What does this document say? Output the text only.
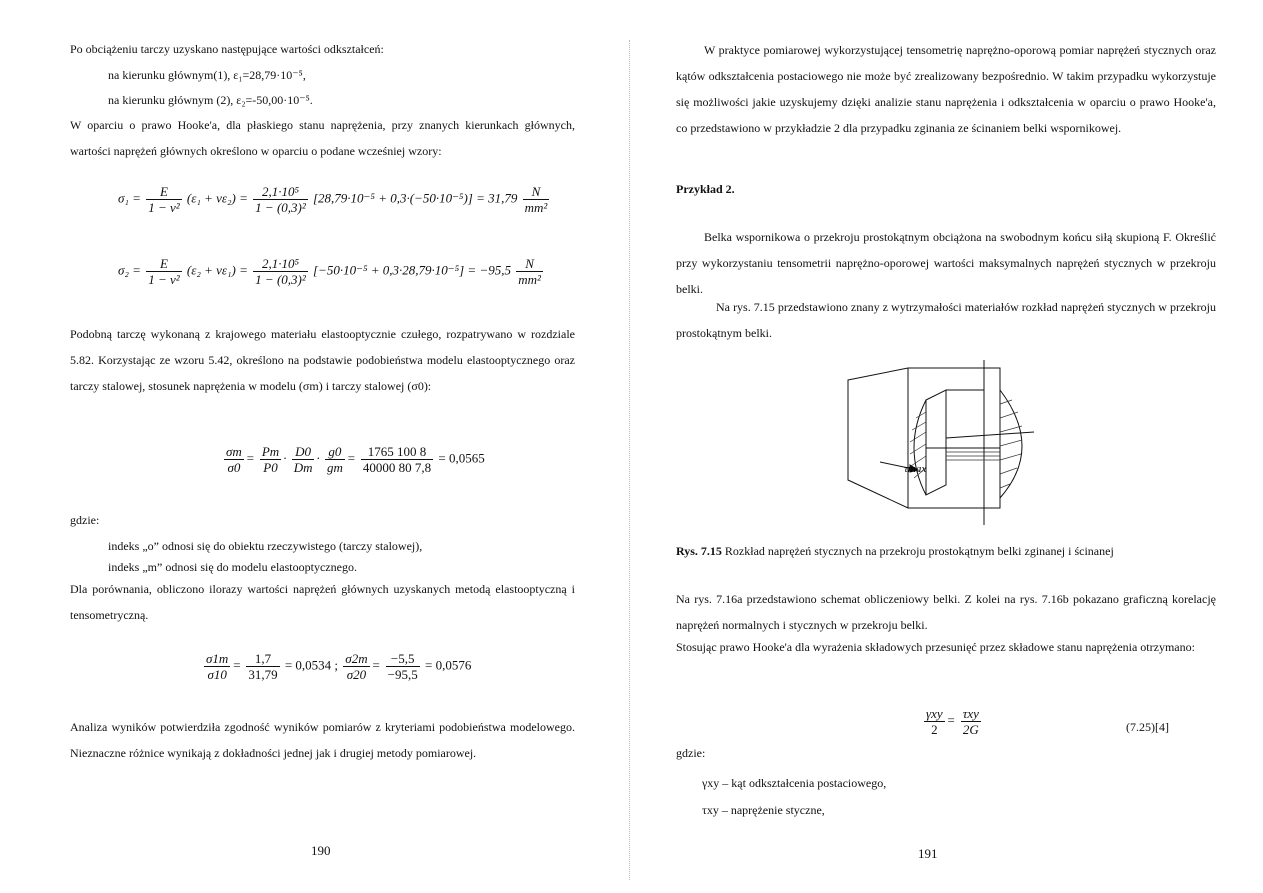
Po obciążeniu tarczy uzyskano następujące wartości odkształceń:
na kierunku głównym(1), ε₁=28,79·10⁻⁵,
na kierunku głównym (2), ε₂=-50,00·10⁻⁵.
W oparciu o prawo Hooke'a, dla płaskiego stanu naprężenia, przy znanych kierunkach głównych, wartości naprężeń głównych określono w oparciu o podane wcześniej wzory:
$\sigma_1 = \frac{E}{\text{1 − ν²}} (\varepsilon_1 + \nu\varepsilon_2) = \frac{\text{2,1·10⁵}}{\text{1 − (0,3)²}} [28,79\cdot 10^{-5} + 0,3\cdot(-50\cdot 10^{-5})] = 31,79 \frac{N}{\text{mm²}}$
$\sigma_2 = \frac{E}{\text{1 − ν²}} (\varepsilon_2 + \nu\varepsilon_1) = \frac{\text{2,1·10⁵}}{\text{1 − (0,3)²}} [-50\cdot 10^{-5} + 0,3\cdot 28,79\cdot 10^{-5}] = -95,5 \frac{N}{\text{mm²}}$
Podobną tarczę wykonaną z krajowego materiału elastooptycznie czułego, rozpatrywano w rozdziale 5.82. Korzystając ze wzoru 5.42, określono na podstawie podobieństwa modelu elastooptycznego oraz tarczy stalowej, stosunek naprężenia w modelu (σm) i tarczy stalowej (σ0):
$\frac{\sigma m}{\sigma 0} = \frac{Pm}{P0} \cdot \frac{D0}{Dm} \cdot \frac{g0}{gm} = \frac{1765 100 8}{40000 80 7,8} = 0,0565$
gdzie:
indeks „o” odnosi się do obiektu rzeczywistego (tarczy stalowej),
indeks „m” odnosi się do modelu elastooptycznego.
Dla porównania, obliczono ilorazy wartości naprężeń głównych uzyskanych metodą elastooptyczną i tensometryczną.
$\frac{\sigma 1m}{\sigma 10} = \frac{1,7}{31,79} = 0,0534$ ; $\frac{\sigma 2m}{\sigma 20} = \frac{-5,5}{-95,5} = 0,0576$
Analiza wyników potwierdziła zgodność wyników pomiarów z kryteriami podobieństwa modelowego. Nieznaczne różnice wynikają z dokładności jednej jak i drugiej metody pomiarowej.
190
W praktyce pomiarowej wykorzystującej tensometrię naprężno-oporową pomiar naprężeń stycznych oraz kątów odkształcenia postaciowego nie może być zrealizowany bezpośrednio. W takim przypadku wykorzystuje się możliwości jakie uzyskujemy dzięki analizie stanu naprężenia i odkształcenia w oparciu o prawo Hooke'a, co przedstawiono w przykładzie 2 dla przypadku zginania ze ścinaniem belki wspornikowej.
Przykład 2.
Belka wspornikowa o przekroju prostokątnym obciążona na swobodnym końcu siłą skupioną F. Określić przy wykorzystaniu tensometrii naprężno-oporowej wartości maksymalnych naprężeń stycznych w przekroju belki.
Na rys. 7.15 przedstawiono znany z wytrzymałości materiałów rozkład naprężeń stycznych w przekroju prostokątnym belki.
τmax
Rys. 7.15 Rozkład naprężeń stycznych na przekroju prostokątnym belki zginanej i ścinanej
Na rys. 7.16a przedstawiono schemat obliczeniowy belki. Z kolei na rys. 7.16b pokazano graficzną korelację naprężeń normalnych i stycznych w przekroju belki.
Stosując prawo Hooke'a dla wyrażenia składowych przesunięć przez składowe stanu naprężenia otrzymano:
$\frac{\text{γxy}}{2} = \frac{\text{τxy}}{2G}$	(7.25)[4]
gdzie:
γxy – kąt odkształcenia postaciowego,
τxy – naprężenie styczne,
191
